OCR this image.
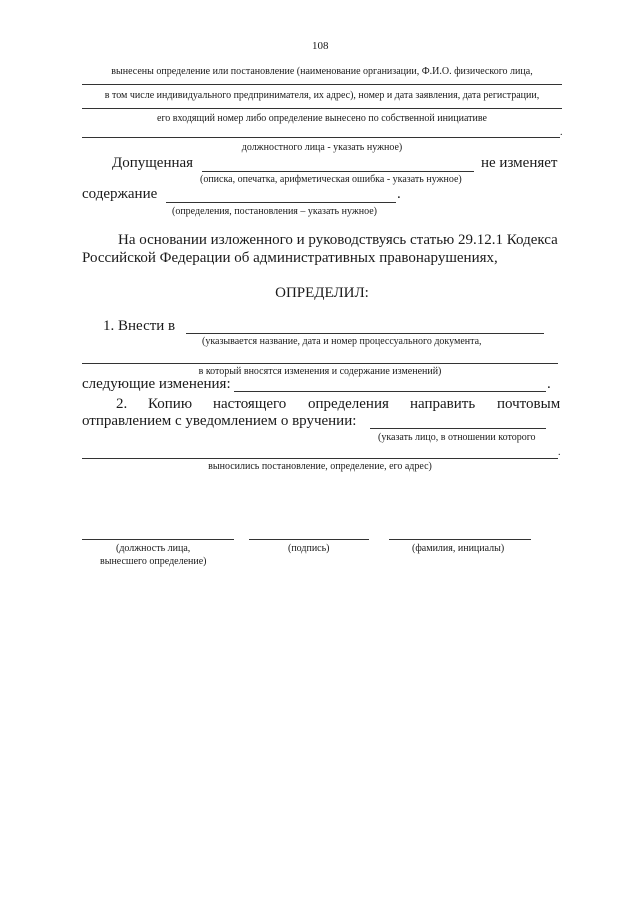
108
вынесены определение или постановление (наименование организации, Ф.И.О. физического лица,
в том числе индивидуального предпринимателя, их адрес), номер и дата заявления, дата регистрации,
его входящий номер либо определение вынесено по собственной инициативе
.
должностного лица - указать нужное)
Допущенная	не изменяет
(описка, опечатка, арифметическая ошибка - указать нужное)
содержание	.
(определения, постановления – указать нужное)
На основании изложенного и руководствуясь статью 29.12.1 Кодекса
Российской Федерации об административных правонарушениях,
ОПРЕДЕЛИЛ:
1. Внести в
(указывается название, дата и номер процессуального документа,
в который вносятся изменения и содержание изменений)
следующие изменения:	.
2. Копию настоящего определения направить почтовым
отправлением с уведомлением о вручении:
(указать лицо, в отношении которого
.
выносились постановление, определение, его адрес)
(должность лица,
вынесшего определение)
(подпись)	(фамилия, инициалы)
